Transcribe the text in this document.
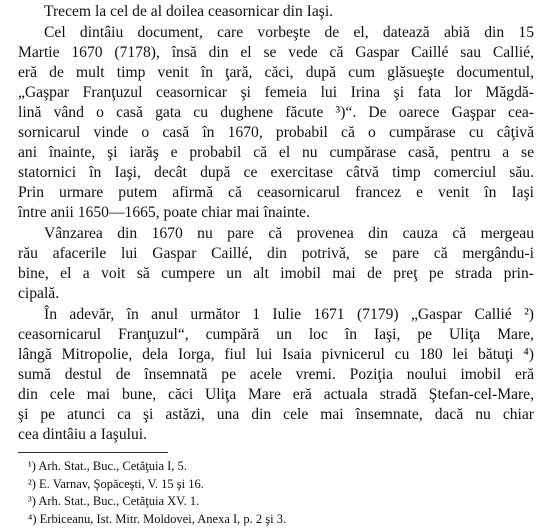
Trecem la cel de al doilea ceasornicar din Iaşi.

Cel dintâiu document, care vorbeşte de el, datează abiă din 15
Martie 1670 (7178), însă din el se vede că Gaspar Caillé sau Callié,
eră de mult timp venit în ţară, căci, după cum glăsueşte documentul,
„Gaşpar Franţuzul ceasornicar şi femeia lui Irina şi fata lor Măgdă-
lină vând o casă gata cu dughene făcute ³)“. De oarece Gaşpar cea-
sornicarul vinde o casă în 1670, probabil că o cumpărase cu câţivă
ani înainte, şi iarăş e probabil că el nu cumpărase casă, pentru a se
statornici în Iaşi, decât după ce exercitase câtvă timp comerciul său.
Prin urmare putem afirmă că ceasornicarul francez e venit în Iaşi
între anii 1650—1665, poate chiar mai înainte.

Vânzarea din 1670 nu pare că provenea din cauza că mergeau
rău afacerile lui Gaspar Caillé, din potrivă, se pare că mergându-i
bine, el a voit să cumpere un alt imobil mai de preţ pe strada prin-
cipală.

În adevăr, în anul următor 1 Iulie 1671 (7179) „Gaspar Callié ²)
ceasornicarul Franţuzul“, cumpără un loc în Iaşi, pe Uliţa Mare,
lângă Mitropolie, dela Iorga, fiul lui Isaia pivnicerul cu 180 lei bătuţi ⁴)
sumă destul de însemnată pe acele vremi. Poziţia noului imobil eră
din cele mai bune, căci Uliţa Mare eră actuala stradă Ştefan-cel-Mare,
şi pe atunci ca şi astăzi, una din cele mai însemnate, dacă nu chiar
cea dintâiu a Iaşului.

¹) Arh. Stat., Buc., Cetăţuia I, 5.
²) E. Varnav, Şopăceşti, V. 15 şi 16.
³) Arh. Stat., Buc., Cetăţuia XV. 1.
⁴) Erbiceanu, Ist. Mitr. Moldovei, Anexa I, p. 2 şi 3.
